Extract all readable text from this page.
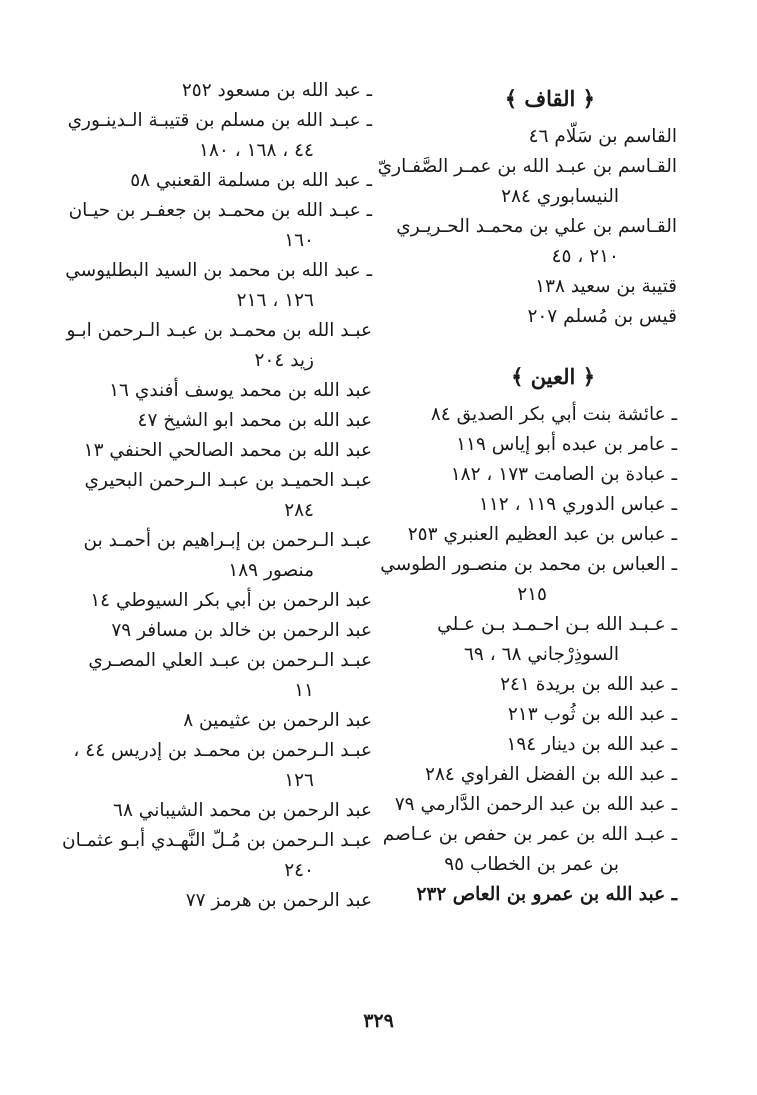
﴿ القاف ﴾
القاسم بن سَلّام ٤٦
القـاسم بن عبـد الله بن عمـر الصَّفـاريّ
النيسابوري ٢٨٤
القـاسم بن علي بن محمـد الحـريـري
٢١٠ ، ٤٥
قتيبة بن سعيد ١٣٨
قيس بن مُسلم ٢٠٧
﴿ العين ﴾
ـ عائشة بنت أبي بكر الصديق ٨٤
ـ عامر بن عبده أبو إياس ١١٩
ـ عبادة بن الصامت ١٧٣ ، ١٨٢
ـ عباس الدوري ١١٩ ، ١١٢
ـ عباس بن عبد العظيم العنبري ٢٥٣
ـ العباس بن محمد بن منصـور الطوسي
٢١٥
ـ عـبـد الله بـن احـمـد بـن عـلي
السوذِرْجاني ٦٨ ، ٦٩
ـ عبد الله بن بريدة ٢٤١
ـ عبد الله بن ثُوب ٢١٣
ـ عبد الله بن دينار ١٩٤
ـ عبد الله بن الفضل الفراوي ٢٨٤
ـ عبد الله بن عبد الرحمن الدَّارمي ٧٩
ـ عبـد الله بن عمر بن حفص بن عـاصم
بن عمر بن الخطاب ٩٥
ـ عبد الله بن عمرو بن العاص ٢٣٢
ـ عبد الله بن مسعود ٢٥٢
ـ عبـد الله بن مسلم بن قتيبـة الـدينـوري
٤٤ ، ١٦٨ ، ١٨٠
ـ عبد الله بن مسلمة القعنبي ٥٨
ـ عبـد الله بن محمـد بن جعفـر بن حيـان
١٦٠
ـ عبد الله بن محمد بن السيد البطليوسي
١٢٦ ، ٢١٦
عبـد الله بن محمـد بن عبـد الـرحمن ابـو
زيد ٢٠٤
عبد الله بن محمد يوسف أفندي ١٦
عبد الله بن محمد ابو الشيخ ٤٧
عبد الله بن محمد الصالحي الحنفي ١٣
عبـد الحميـد بن عبـد الـرحمن البحيري
٢٨٤
عبـد الـرحمن بن إبـراهيم بن أحمـد بن
منصور ١٨٩
عبد الرحمن بن أبي بكر السيوطي ١٤
عبد الرحمن بن خالد بن مسافر ٧٩
عبـد الـرحمن بن عبـد العلي المصـري
١١
عبد الرحمن بن عثيمين ٨
عبـد الـرحمن بن محمـد بن إدريس ٤٤ ،
١٢٦
عبد الرحمن بن محمد الشيباني ٦٨
عبـد الـرحمن بن مُـلّ النَّهـدي أبـو عثمـان
٢٤٠
عبد الرحمن بن هرمز ٧٧
٣٢٩
